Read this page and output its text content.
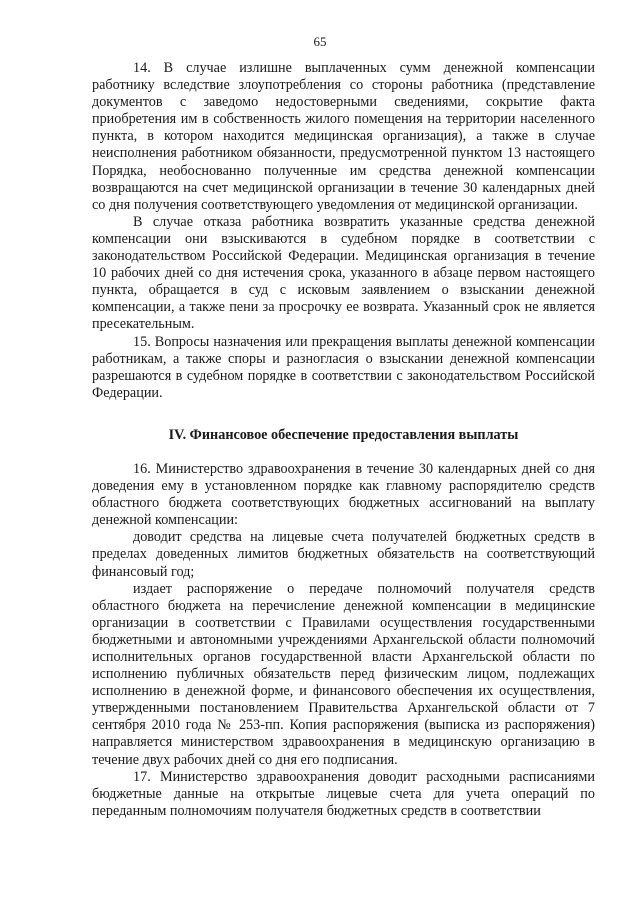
65

14. В случае излишне выплаченных сумм денежной компенсации работнику вследствие злоупотребления со стороны работника (представление документов с заведомо недостоверными сведениями, сокрытие факта приобретения им в собственность жилого помещения на территории населенного пункта, в котором находится медицинская организация), а также в случае неисполнения работником обязанности, предусмотренной пунктом 13 настоящего Порядка, необоснованно полученные им средства денежной компенсации возвращаются на счет медицинской организации в течение 30 календарных дней со дня получения соответствующего уведомления от медицинской организации.

В случае отказа работника возвратить указанные средства денежной компенсации они взыскиваются в судебном порядке в соответствии с законодательством Российской Федерации. Медицинская организация в течение 10 рабочих дней со дня истечения срока, указанного в абзаце первом настоящего пункта, обращается в суд с исковым заявлением о взыскании денежной компенсации, а также пени за просрочку ее возврата. Указанный срок не является пресекательным.

15. Вопросы назначения или прекращения выплаты денежной компенсации работникам, а также споры и разногласия о взыскании денежной компенсации разрешаются в судебном порядке в соответствии с законодательством Российской Федерации.

IV. Финансовое обеспечение предоставления выплаты

16. Министерство здравоохранения в течение 30 календарных дней со дня доведения ему в установленном порядке как главному распорядителю средств областного бюджета соответствующих бюджетных ассигнований на выплату денежной компенсации:

доводит средства на лицевые счета получателей бюджетных средств в пределах доведенных лимитов бюджетных обязательств на соответствующий финансовый год;

издает распоряжение о передаче полномочий получателя средств областного бюджета на перечисление денежной компенсации в медицинские организации в соответствии с Правилами осуществления государственными бюджетными и автономными учреждениями Архангельской области полномочий исполнительных органов государственной власти Архангельской области по исполнению публичных обязательств перед физическим лицом, подлежащих исполнению в денежной форме, и финансового обеспечения их осуществления, утвержденными постановлением Правительства Архангельской области от 7 сентября 2010 года № 253-пп. Копия распоряжения (выписка из распоряжения) направляется министерством здравоохранения в медицинскую организацию в течение двух рабочих дней со дня его подписания.

17. Министерство здравоохранения доводит расходными расписаниями бюджетные данные на открытые лицевые счета для учета операций по переданным полномочиям получателя бюджетных средств в соответствии
